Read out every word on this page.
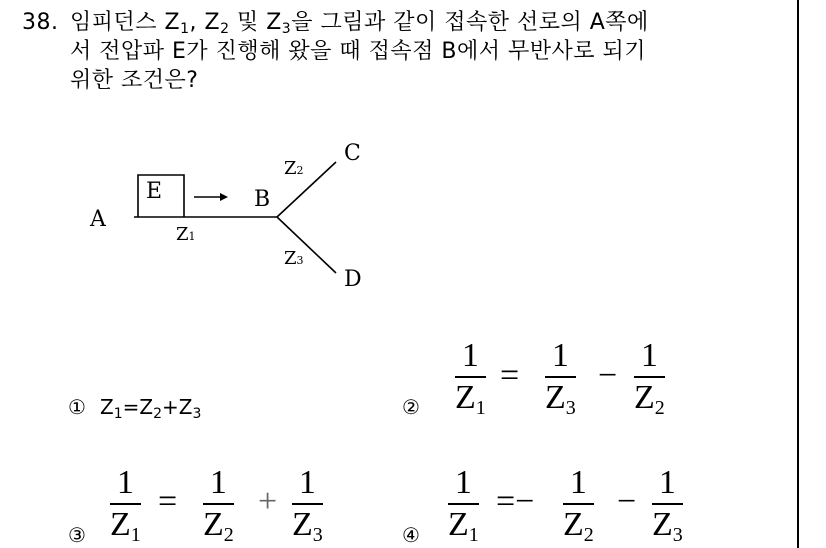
38. 임피던스 $Z_1$, $Z_2$ 및 $Z_3$을 그림과 같이 접속한 선로의 A쪽에
서 전압파 E가 진행해 왔을 때 접속점 B에서 무반사로 되기
위한 조건은?
A
E	B
C
D
Z1
Z2
Z3
① $Z_1=Z_2+Z_3$	②
1
$Z_1$
=
1
$Z_3$
−
1
$Z_2$
③
1
$Z_1$
=
1
$Z_2$
+
1
$Z_3$	④
1
$Z_1$
=−
1
$Z_2$
−
1
$Z_3$
